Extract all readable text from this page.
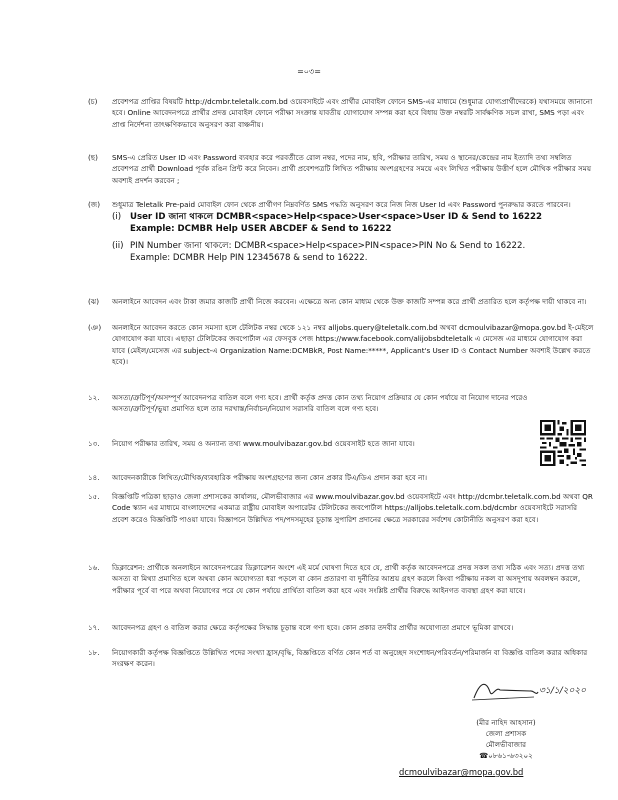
=০৩=
(চ) প্রবেশপত্র প্রাপ্তির বিষয়টি http://dcmbr.teletalk.com.bd ওয়েবসাইটে এবং প্রার্থীর মোবাইল ফোনে SMS-এর মাধ্যমে (শুধুমাত্র যোগ্যপ্রার্থীদেরকে) যথাসময়ে জানানো হবে। Online আবেদনপত্রে প্রার্থীর প্রদত্ত মোবাইল ফোনে পরীক্ষা সংক্রান্ত যাবতীয় যোগাযোগ সম্পন্ন করা হবে বিধায় উক্ত নম্বরটি সার্বক্ষণিক সচল রাখা, SMS পড়া এবং প্রাপ্ত নির্দেশনা তাৎক্ষণিকভাবে অনুসরণ করা বাঞ্চনীয়।

(ছ) SMS-এ প্রেরিত User ID এবং Password ব্যবহার করে পরবর্তীতে রোল নম্বর, পদের নাম, ছবি, পরীক্ষার তারিখ, সময় ও স্থানের/কেন্দ্রের নাম ইত্যাদি তথ্য সম্বলিত প্রবেশপত্র প্রার্থী Download পূর্বক রঙিন প্রিন্ট করে নিবেন। প্রার্থী প্রবেশপত্রটি লিখিত পরীক্ষায় অংশগ্রহণের সময়ে এবং লিখিত পরীক্ষায় উত্তীর্ণ হলে মৌখিক পরীক্ষার সময় অবশ্যই প্রদর্শন করবেন ;

(জ) শুধুমাত্র Teletalk Pre-paid মোবাইল ফোন থেকে প্রার্থীগণ নিম্নবর্ণিত SMS পদ্ধতি অনুসরণ করে নিজ নিজ User Id এবং Password পুনরুদ্ধার করতে পারবেন।

(i) User ID জানা থাকলে DCMBR<space>Help<space>User<space>User ID & Send to 16222
Example: DCMBR Help USER ABCDEF & Send to 16222
(ii) PIN Number জানা থাকলে: DCMBR<space>Help<space>PIN<space>PIN No & Send to 16222.
Example: DCMBR Help PIN 12345678 & send to 16222.
(ঝ) অনলাইনে আবেদন এবং টাকা জমার কাজটি প্রার্থী নিজে করবেন। এক্ষেত্রে অন্য কোন মাধ্যম থেকে উক্ত কাজটি সম্পন্ন করে প্রার্থী প্রতারিত হলে কর্তৃপক্ষ দায়ী থাকবে না।

(ঞ) অনলাইনে আবেদন করতে কোন সমস্যা হলে টেলিটক নম্বর থেকে ১২১ নম্বর alljobs.query@teletalk.com.bd অথবা dcmoulvibazar@mopa.gov.bd ই-মেইলে যোগাযোগ করা যাবে। এছাড়া টেলিটকের জবপোর্টাল এর ফেসবুক পেজ https://www.facebook.com/alijobsbdteletalk এ মেসেজ এর মাধ্যমে যোগাযোগ করা যাবে (মেইল/মেসেজ এর subject-এ Organization Name:DCMBkR, Post Name:*****, Applicant's User ID ও Contact Number অবশ্যই উল্লেখ করতে হবে)।

১২. অসত্য/ত্রুটিপূর্ণ/অসম্পূর্ণ আবেদনপত্র বাতিল বলে গণ্য হবে। প্রার্থী কর্তৃক প্রদত্ত কোন তথ্য নিয়োগ প্রক্রিয়ার যে কোন পর্যায়ে বা নিয়োগ দানের পরেও অসত্য/ত্রুটিপূর্ণ/ভুয়া প্রমাণিত হলে তার দরখাস্ত/নির্বাচন/নিয়োগ সরাসরি বাতিল বলে গণ্য হবে।

১৩. নিয়োগ পরীক্ষার তারিখ, সময় ও অন্যান্য তথ্য www.moulvibazar.gov.bd ওয়েবসাইট হতে জানা যাবে।

১৪. আবেদনকারীকে লিখিত/মৌখিক/ব্যবহারিক পরীক্ষায় অংশগ্রহণের জন্য কোন প্রকার টিএ/ডিএ প্রদান করা হবে না।

১৫. বিজ্ঞপ্তিটি পত্রিকা ছাড়াও জেলা প্রশাসকের কার্যালয়, মৌলভীবাজার এর www.moulvibazar.gov.bd ওয়েবসাইটে এবং http://dcmbr.teletalk.com.bd অথবা QR Code স্ক্যান এর মাধ্যমে বাংলাদেশের একমাত্র রাষ্ট্রীয় মোবাইল অপারেটর টেলিটকের জবপোর্টাল https://alljobs.teletalk.com.bd/dcmbr ওয়েবসাইটে সরাসরি প্রবেশ করেও বিজ্ঞপ্তিটি পাওয়া যাবে। বিজ্ঞাপনে উল্লিখিত পদ/পদসমূহের চূড়ান্ত সুপারিশ প্রদানের ক্ষেত্রে সরকারের সর্বশেষ কোটানীতি অনুসরণ করা হবে।

১৬. ডিক্লারেশন: প্রার্থীকে অনলাইনে আবেদনপত্রের ডিক্লারেশন অংশে এই মর্মে ঘোষণা দিতে হবে যে, প্রার্থী কর্তৃক আবেদনপত্রে প্রদত্ত সকল তথ্য সঠিক এবং সত্য। প্রদত্ত তথ্য অসত্য বা মিথ্যা প্রমাণিত হলে অথবা কোন অযোগ্যতা ধরা পড়লে বা কোন প্রতারণা বা দুর্নীতির আশ্রয় গ্রহণ করলে কিংবা পরীক্ষায় নকল বা অসদুপায় অবলম্বন করলে, পরীক্ষার পূর্বে বা পরে অথবা নিয়োগের পরে যে কোন পর্যায়ে প্রার্থিতা বাতিল করা হবে এবং সংশ্লিষ্ট প্রার্থীর বিরুদ্ধে আইনগত ব্যবস্থা গ্রহণ করা যাবে।

১৭. আবেদনপত্র গ্রহণ ও বাতিল করার ক্ষেত্রে কর্তৃপক্ষের সিদ্ধান্ত চূড়ান্ত বলে গণ্য হবে। কোন প্রকার তদবীর প্রার্থীর অযোগ্যতা প্রমাণে ভূমিকা রাখবে।

১৮. নিয়োগকারী কর্তৃপক্ষ বিজ্ঞপ্তিতে উল্লিখিত পদের সংখ্যা হ্রাস/বৃদ্ধি, বিজ্ঞপ্তিতে বর্ণিত কোন শর্ত বা অনুচ্ছেদ সংশোধন/পরিবর্তন/পরিমার্জন বা বিজ্ঞপ্তি বাতিল করার অধিকার সংরক্ষণ করেন।

৩১/১/২০২০
(মীর নাহিদ আহসান)
জেলা প্রশাসক
মৌলভীবাজার
☎০৮৬১-৬৩২০২
dcmoulvibazar@mopa.gov.bd
